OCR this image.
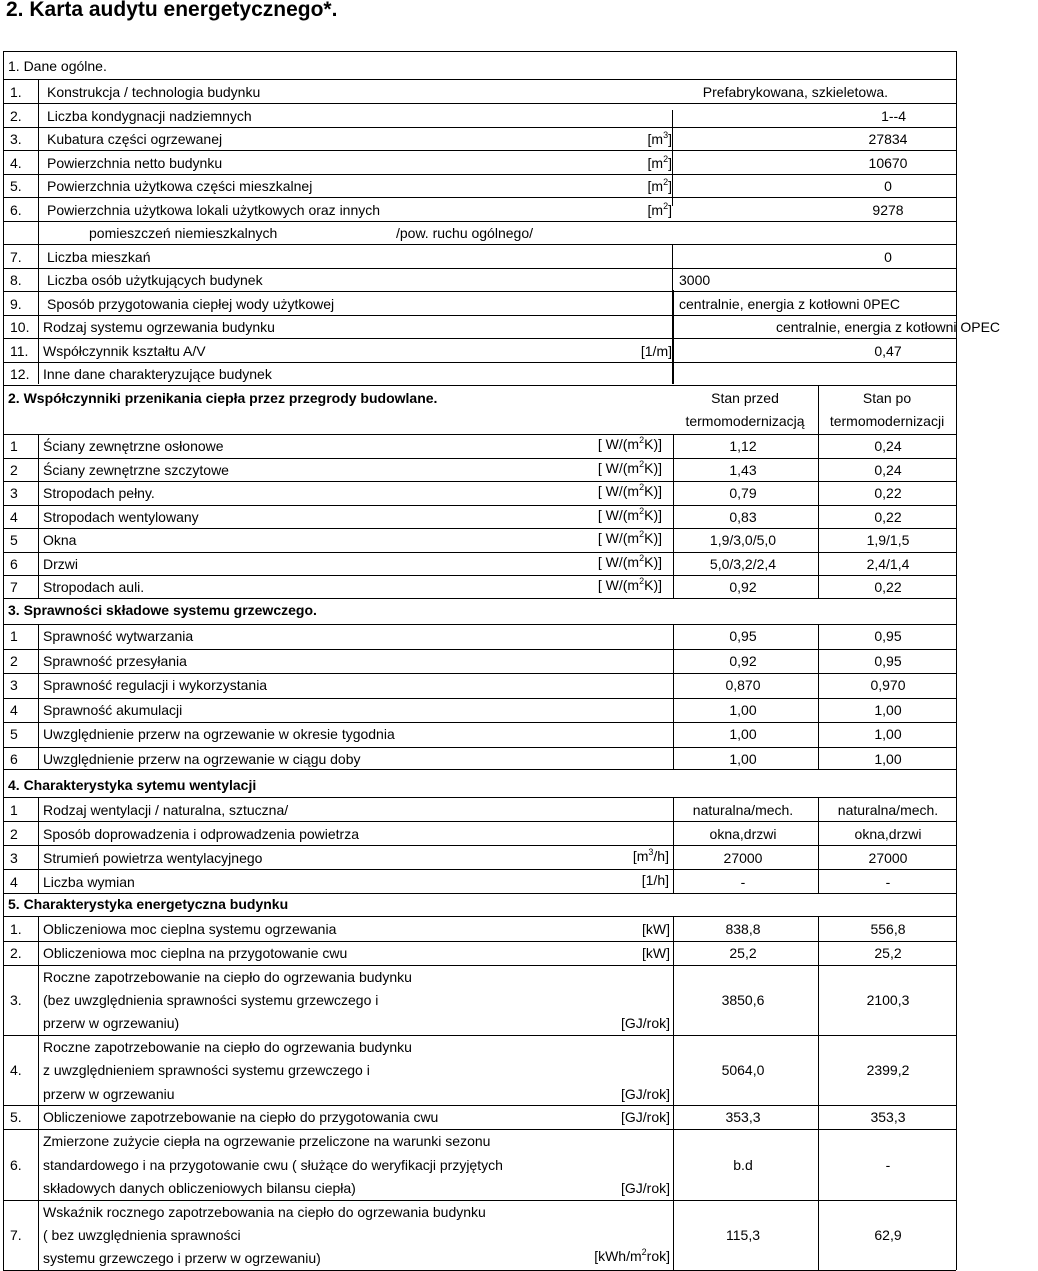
2. Karta audytu energetycznego*.
1. Dane ogólne.
1. Konstrukcja / technologia budynku	Prefabrykowana, szkieletowa.
2. Liczba kondygnacji nadziemnych	1--4
3. Kubatura części ogrzewanej	$[m^3]$	27834
4. Powierzchnia netto budynku	$[m^2]$	10670
5. Powierzchnia użytkowa części mieszkalnej	$[m^2]$	0
6. Powierzchnia użytkowa lokali użytkowych oraz innych	$[m^2]$	9278
pomieszczeń niemieszkalnych	/pow. ruchu ogólnego/
7. Liczba mieszkań	0
8. Liczba osób użytkujących budynek	3000
9. Sposób przygotowania ciepłej wody użytkowej	centralnie, energia z kotłowni 0PEC
10. Rodzaj systemu ogrzewania budynku	centralnie, energia z kotłowni OPEC
11. Współczynnik kształtu A/V	[1/m]	0,47
12. Inne dane charakteryzujące budynek
2. Współczynniki przenikania ciepła przez przegrody budowlane.	Stan przed
termomodernizacją
Stan po
termomodernizacji
1 Ściany zewnętrzne osłonowe	[ $W/(m^2K)$]	1,12	0,24
2 Ściany zewnętrzne szczytowe	[ $W/(m^2K)$]	1,43	0,24
3 Stropodach pełny.	[ $W/(m^2K)$]	0,79	0,22
4 Stropodach wentylowany	[ $W/(m^2K)$]	0,83	0,22
5 Okna	[ $W/(m^2K)$]	1,9/3,0/5,0	1,9/1,5
6 Drzwi	[ $W/(m^2K)$]	5,0/3,2/2,4	2,4/1,4
7 Stropodach auli.	[ $W/(m^2K)$]	0,92	0,22
3. Sprawności składowe systemu grzewczego.
1 Sprawność wytwarzania	0,95	0,95
2 Sprawność przesyłania	0,92	0,95
3 Sprawność regulacji i wykorzystania	0,870	0,970
4 Sprawność akumulacji	1,00	1,00
5 Uwzględnienie przerw na ogrzewanie w okresie tygodnia	1,00	1,00
6 Uwzględnienie przerw na ogrzewanie w ciągu doby	1,00	1,00
4. Charakterystyka sytemu wentylacji
1 Rodzaj wentylacji / naturalna, sztuczna/	naturalna/mech.	naturalna/mech.
2 Sposób doprowadzenia i odprowadzenia powietrza	okna,drzwi	okna,drzwi
3 Strumień powietrza wentylacyjnego	$[m^3/h]$	27000	27000
4 Liczba wymian	[1/h]	-	-
5. Charakterystyka energetyczna budynku
1. Obliczeniowa moc cieplna systemu ogrzewania	[kW]	838,8	556,8
2. Obliczeniowa moc cieplna na przygotowanie cwu	[kW]	25,2	25,2
3.
Roczne zapotrzebowanie na ciepło do ogrzewania budynku
(bez uwzględnienia sprawności systemu grzewczego i
przerw w ogrzewaniu)	[GJ/rok]
3850,6	2100,3
4.
Roczne zapotrzebowanie na ciepło do ogrzewania budynku
z uwzględnieniem sprawności systemu grzewczego i
przerw w ogrzewaniu	[GJ/rok]
5064,0	2399,2
5. Obliczeniowe zapotrzebowanie na ciepło do przygotowania cwu	[GJ/rok]	353,3	353,3
6.
Zmierzone zużycie ciepła na ogrzewanie przeliczone na warunki sezonu
standardowego i na przygotowanie cwu ( służące do weryfikacji przyjętych
składowych danych obliczeniowych bilansu ciepła)	[GJ/rok]
b.d	-
7.
Wskaźnik rocznego zapotrzebowania na ciepło do ogrzewania budynku
( bez uwzględnienia sprawności
systemu grzewczego i przerw w ogrzewaniu)	$[kWh/m^2rok]$
115,3	62,9
